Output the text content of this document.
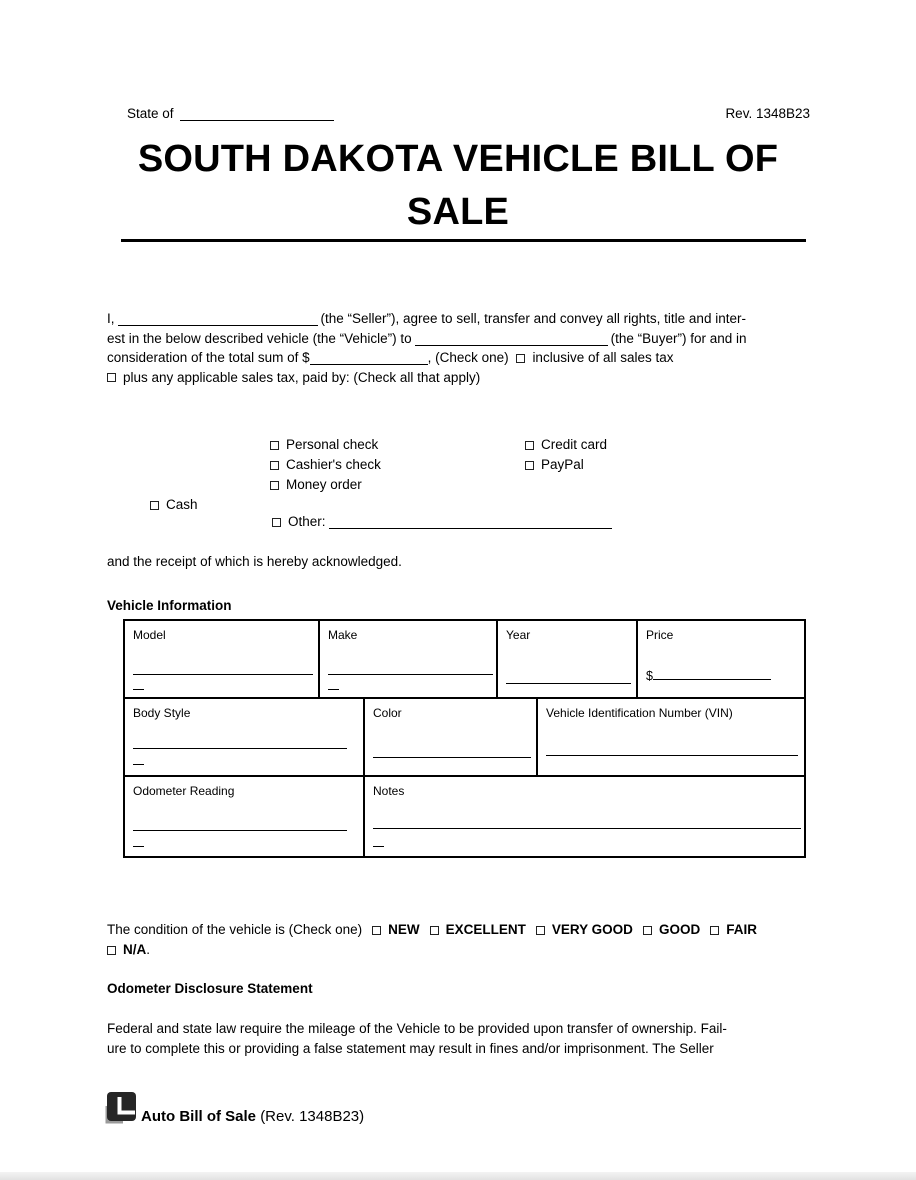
State of	Rev. 1348B23
SOUTH DAKOTA VEHICLE BILL OF
SALE
I,	(the “Seller”), agree to sell, transfer and convey all rights, title and inter-
est in the below described vehicle (the “Vehicle”) to	(the “Buyer”) for and in
consideration of the total sum of $	, (Check one) inclusive of all sales tax
plus any applicable sales tax, paid by: (Check all that apply)
Cash
Personal check
Cashier's check
Money order
Credit card
PayPal
Other:
and the receipt of which is hereby acknowledged.
Vehicle Information
Model	Make	Year	Price
$
Body Style	Color	Vehicle Identification Number (VIN)
Odometer Reading	Notes
The condition of the vehicle is (Check one) NEW EXCELLENT VERY GOOD GOOD FAIR
N/A.
Odometer Disclosure Statement
Federal and state law require the mileage of the Vehicle to be provided upon transfer of ownership. Fail-
ure to complete this or providing a false statement may result in fines and/or imprisonment. The Seller
Auto Bill of Sale (Rev. 1348B23)
